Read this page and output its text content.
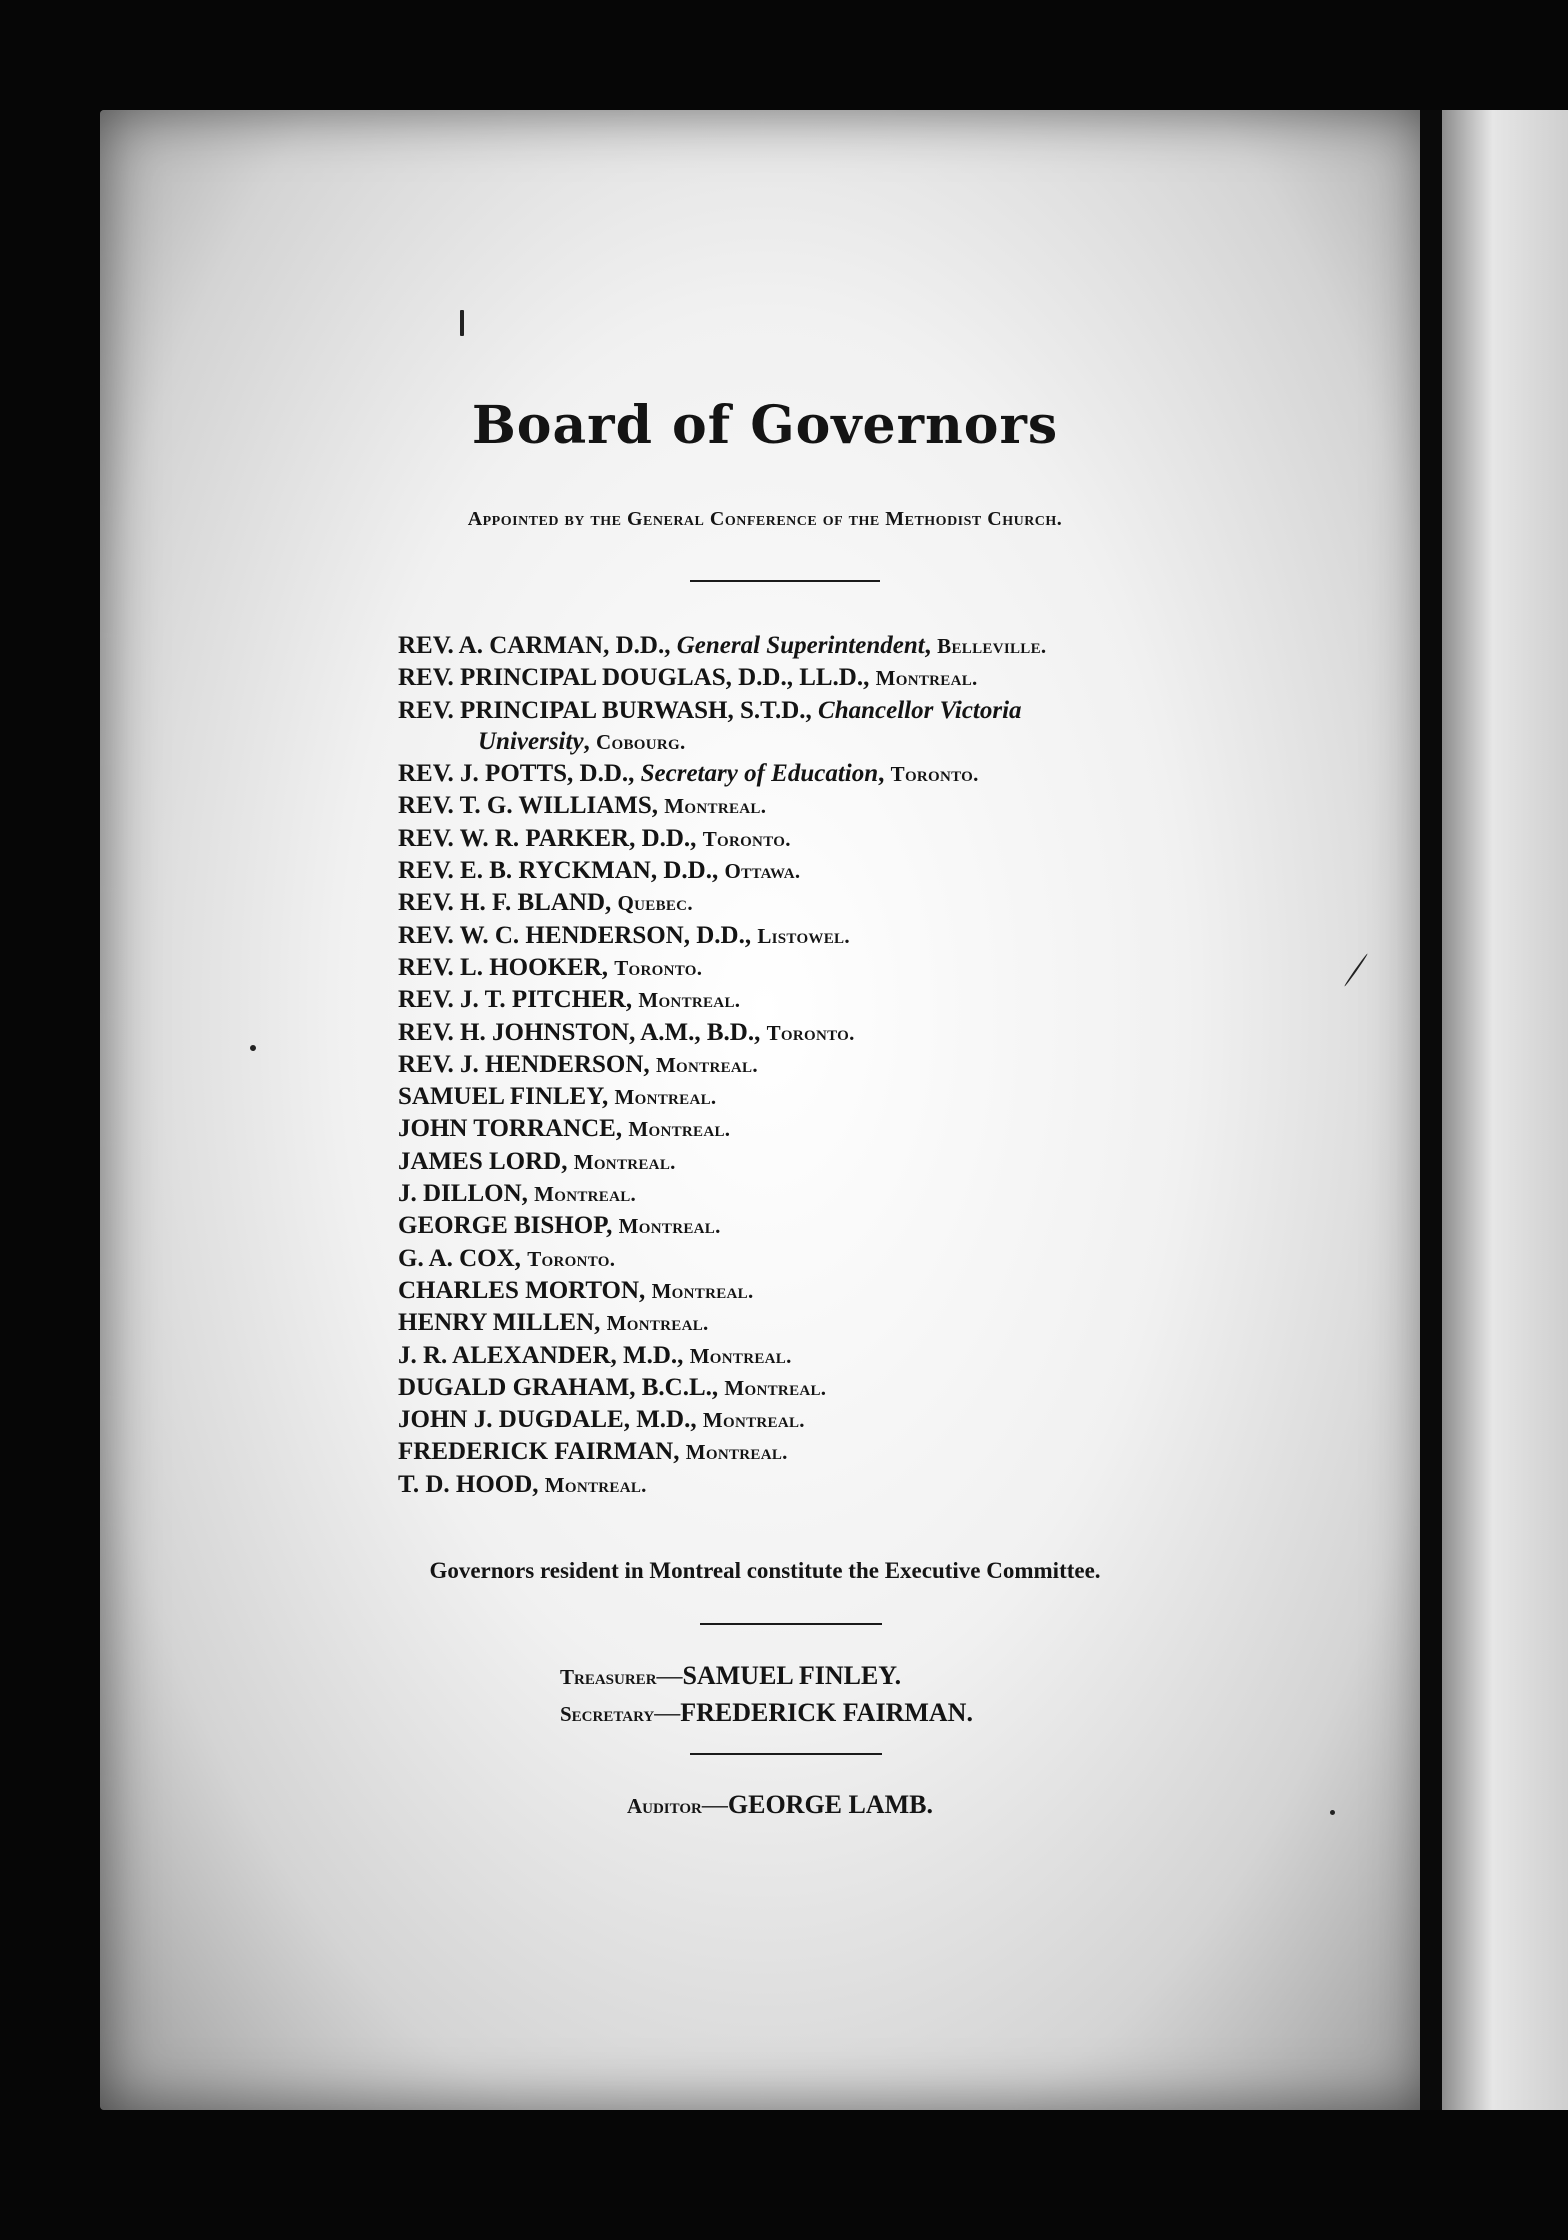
Board of Governors
Appointed by the General Conference of the Methodist Church.
REV. A. CARMAN, D.D., General Superintendent, Belleville.
REV. PRINCIPAL DOUGLAS, D.D., LL.D., Montreal.
REV. PRINCIPAL BURWASH, S.T.D., Chancellor Victoria
University, Cobourg.
REV. J. POTTS, D.D., Secretary of Education, Toronto.
REV. T. G. WILLIAMS, Montreal.
REV. W. R. PARKER, D.D., Toronto.
REV. E. B. RYCKMAN, D.D., Ottawa.
REV. H. F. BLAND, Quebec.
REV. W. C. HENDERSON, D.D., Listowel.
REV. L. HOOKER, Toronto.
REV. J. T. PITCHER, Montreal.
REV. H. JOHNSTON, A.M., B.D., Toronto.
REV. J. HENDERSON, Montreal.
SAMUEL FINLEY, Montreal.
JOHN TORRANCE, Montreal.
JAMES LORD, Montreal.
J. DILLON, Montreal.
GEORGE BISHOP, Montreal.
G. A. COX, Toronto.
CHARLES MORTON, Montreal.
HENRY MILLEN, Montreal.
J. R. ALEXANDER, M.D., Montreal.
DUGALD GRAHAM, B.C.L., Montreal.
JOHN J. DUGDALE, M.D., Montreal.
FREDERICK FAIRMAN, Montreal.
T. D. HOOD, Montreal.
Governors resident in Montreal constitute the Executive Committee.
Treasurer—SAMUEL FINLEY.
Secretary—FREDERICK FAIRMAN.
Auditor—GEORGE LAMB.
